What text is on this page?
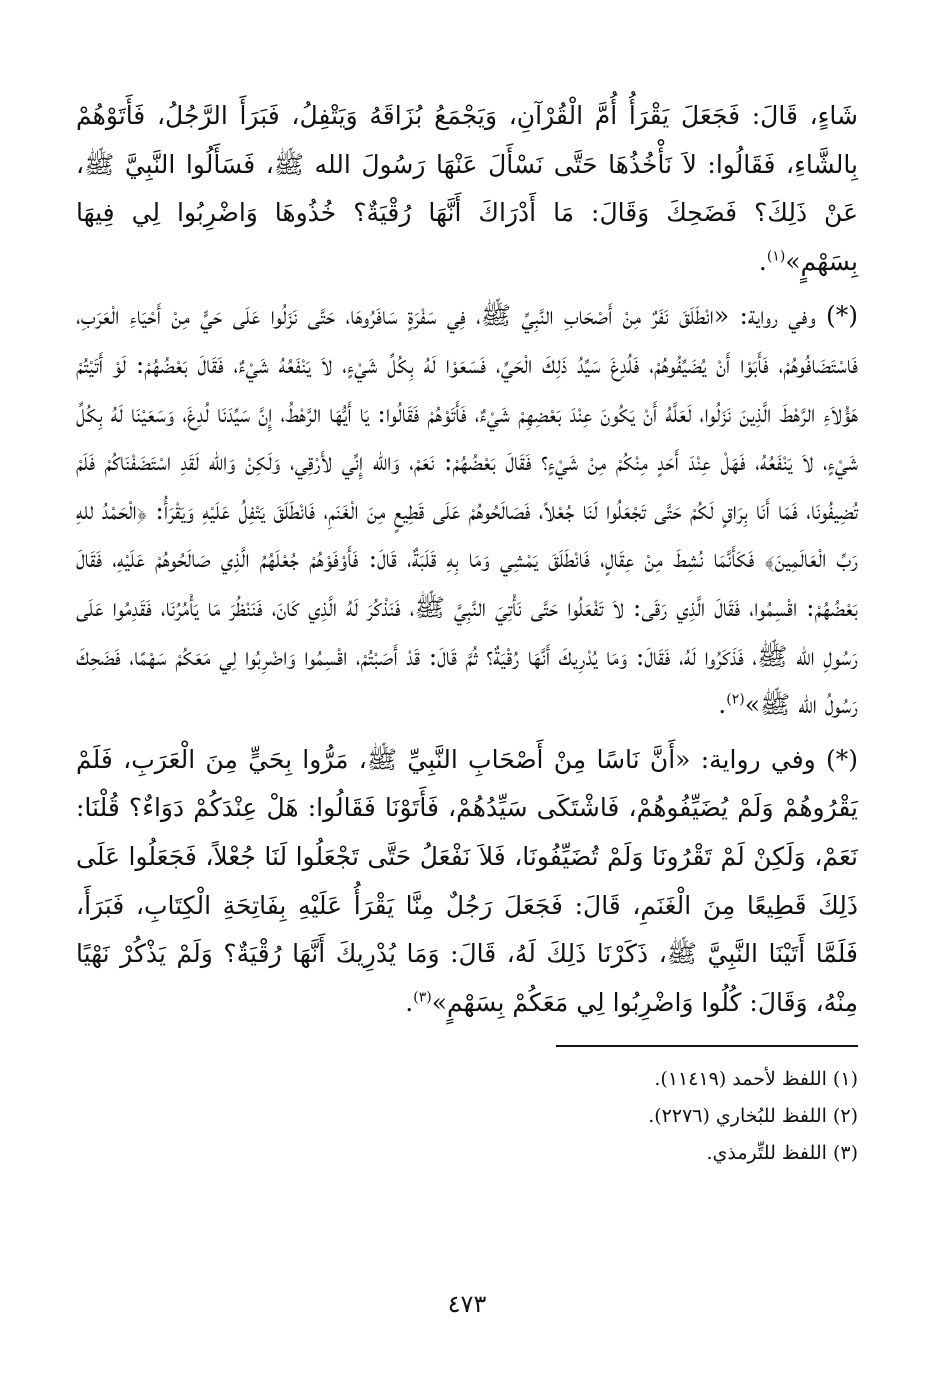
شَاءٍ، قَالَ: فَجَعَلَ يَقْرَأُ أُمَّ الْقُرْآنِ، وَيَجْمَعُ بُزَاقَهُ وَيَتْفِلُ، فَبَرَأَ الرَّجُلُ، فَأَتَوْهُمْ بِالشَّاءِ، فَقَالُوا: لاَ نَأْخُذُهَا حَتَّى نَسْأَلَ عَنْهَا رَسُولَ الله ﷺ، فَسَأَلُوا النَّبِيَّ ﷺ، عَنْ ذَلِكَ؟ فَضَحِكَ وَقَالَ: مَا أَدْرَاكَ أَنَّهَا رُقْيَةٌ؟ خُذُوهَا وَاضْرِبُوا لِي فِيهَا بِسَهْمٍ»$^{(١)}$.

(*) وفي رواية: «انْطَلَقَ نَفَرٌ مِنْ أَصْحَابِ النَّبِيِّ ﷺ، فِي سَفْرَةٍ سَافَرُوهَا، حَتَّى نَزَلُوا عَلَى حَيٍّ مِنْ أَحْيَاءِ الْعَرَبِ، فَاسْتَضَافُوهُمْ، فَأَبَوْا أَنْ يُضَيِّفُوهُمْ، فَلُدِغَ سَيِّدُ ذَلِكَ الْحَيِّ، فَسَعَوْا لَهُ بِكُلِّ شَيْءٍ، لاَ يَنْفَعُهُ شَيْءٌ، فَقَالَ بَعْضُهُمْ: لَوْ أَتَيْتُمْ هَؤُلاَءِ الرَّهْطَ الَّذِينَ نَزَلُوا، لَعَلَّهُ أَنْ يَكُونَ عِنْدَ بَعْضِهِمْ شَيْءٌ، فَأَتَوْهُمْ فَقَالُوا: يَا أَيُّهَا الرَّهْطُ، إِنَّ سَيِّدَنَا لُدِغَ، وَسَعَيْنَا لَهُ بِكُلِّ شَيْءٍ، لاَ يَنْفَعُهُ، فَهَلْ عِنْدَ أَحَدٍ مِنْكُمْ مِنْ شَيْءٍ؟ فَقَالَ بَعْضُهُمْ: نَعَمْ، وَالله إِنِّي لأَرْقِي، وَلَكِنْ وَالله لَقَدِ اسْتَضَفْنَاكُمْ فَلَمْ تُضِيفُونَا، فَمَا أَنَا بِرَاقٍ لَكُمْ حَتَّى تَجْعَلُوا لَنَا جُعْلاً، فَصَالَحُوهُمْ عَلَى قَطِيعٍ مِنَ الْغَنَمِ، فَانْطَلَقَ يَتْفِلُ عَلَيْهِ وَيَقْرَأُ: ﴿الْحَمْدُ للهِ رَبِّ الْعَالَمِينَ﴾ فَكَأَنَّمَا نُشِطَ مِنْ عِقَالٍ، فَانْطَلَقَ يَمْشِي وَمَا بِهِ قَلَبَةٌ، قَالَ: فَأَوْفَوْهُمْ جُعْلَهُمُ الَّذِي صَالَحُوهُمْ عَلَيْهِ، فَقَالَ بَعْضُهُمْ: اقْسِمُوا، فَقَالَ الَّذِي رَقَى: لاَ تَفْعَلُوا حَتَّى نَأْتِيَ النَّبِيَّ ﷺ، فَنَذْكُرَ لَهُ الَّذِي كَانَ، فَنَنْظُرَ مَا يَأْمُرُنَا، فَقَدِمُوا عَلَى رَسُولِ الله ﷺ، فَذَكَرُوا لَهُ، فَقَالَ: وَمَا يُدْرِيكَ أَنَّهَا رُقْيَةٌ؟ ثُمَّ قَالَ: قَدْ أَصَبْتُمْ، اقْسِمُوا وَاضْرِبُوا لِي مَعَكُمْ سَهْمًا، فَضَحِكَ رَسُولُ الله ﷺ»$^{(٢)}$.

(*) وفي رواية: «أَنَّ نَاسًا مِنْ أَصْحَابِ النَّبِيِّ ﷺ، مَرُّوا بِحَيٍّ مِنَ الْعَرَبِ، فَلَمْ يَقْرُوهُمْ وَلَمْ يُضَيِّفُوهُمْ، فَاشْتَكَى سَيِّدُهُمْ، فَأَتَوْنَا فَقَالُوا: هَلْ عِنْدَكُمْ دَوَاءٌ؟ قُلْنَا: نَعَمْ، وَلَكِنْ لَمْ تَقْرُونَا وَلَمْ تُضَيِّفُونَا، فَلاَ نَفْعَلُ حَتَّى تَجْعَلُوا لَنَا جُعْلاً، فَجَعَلُوا عَلَى ذَلِكَ قَطِيعًا مِنَ الْغَنَمِ، قَالَ: فَجَعَلَ رَجُلٌ مِنَّا يَقْرَأُ عَلَيْهِ بِفَاتِحَةِ الْكِتَابِ، فَبَرَأَ، فَلَمَّا أَتَيْنَا النَّبِيَّ ﷺ، ذَكَرْنَا ذَلِكَ لَهُ، قَالَ: وَمَا يُدْرِيكَ أَنَّهَا رُقْيَةٌ؟ وَلَمْ يَذْكُرْ نَهْيًا مِنْهُ، وَقَالَ: كُلُوا وَاضْرِبُوا لِي مَعَكُمْ بِسَهْمٍ»$^{(٣)}$.

(١) اللفظ لأحمد (١١٤١٩).
(٢) اللفظ للبُخاري (٢٢٧٦).
(٣) اللفظ للتِّرمذي.
٤٧٣
